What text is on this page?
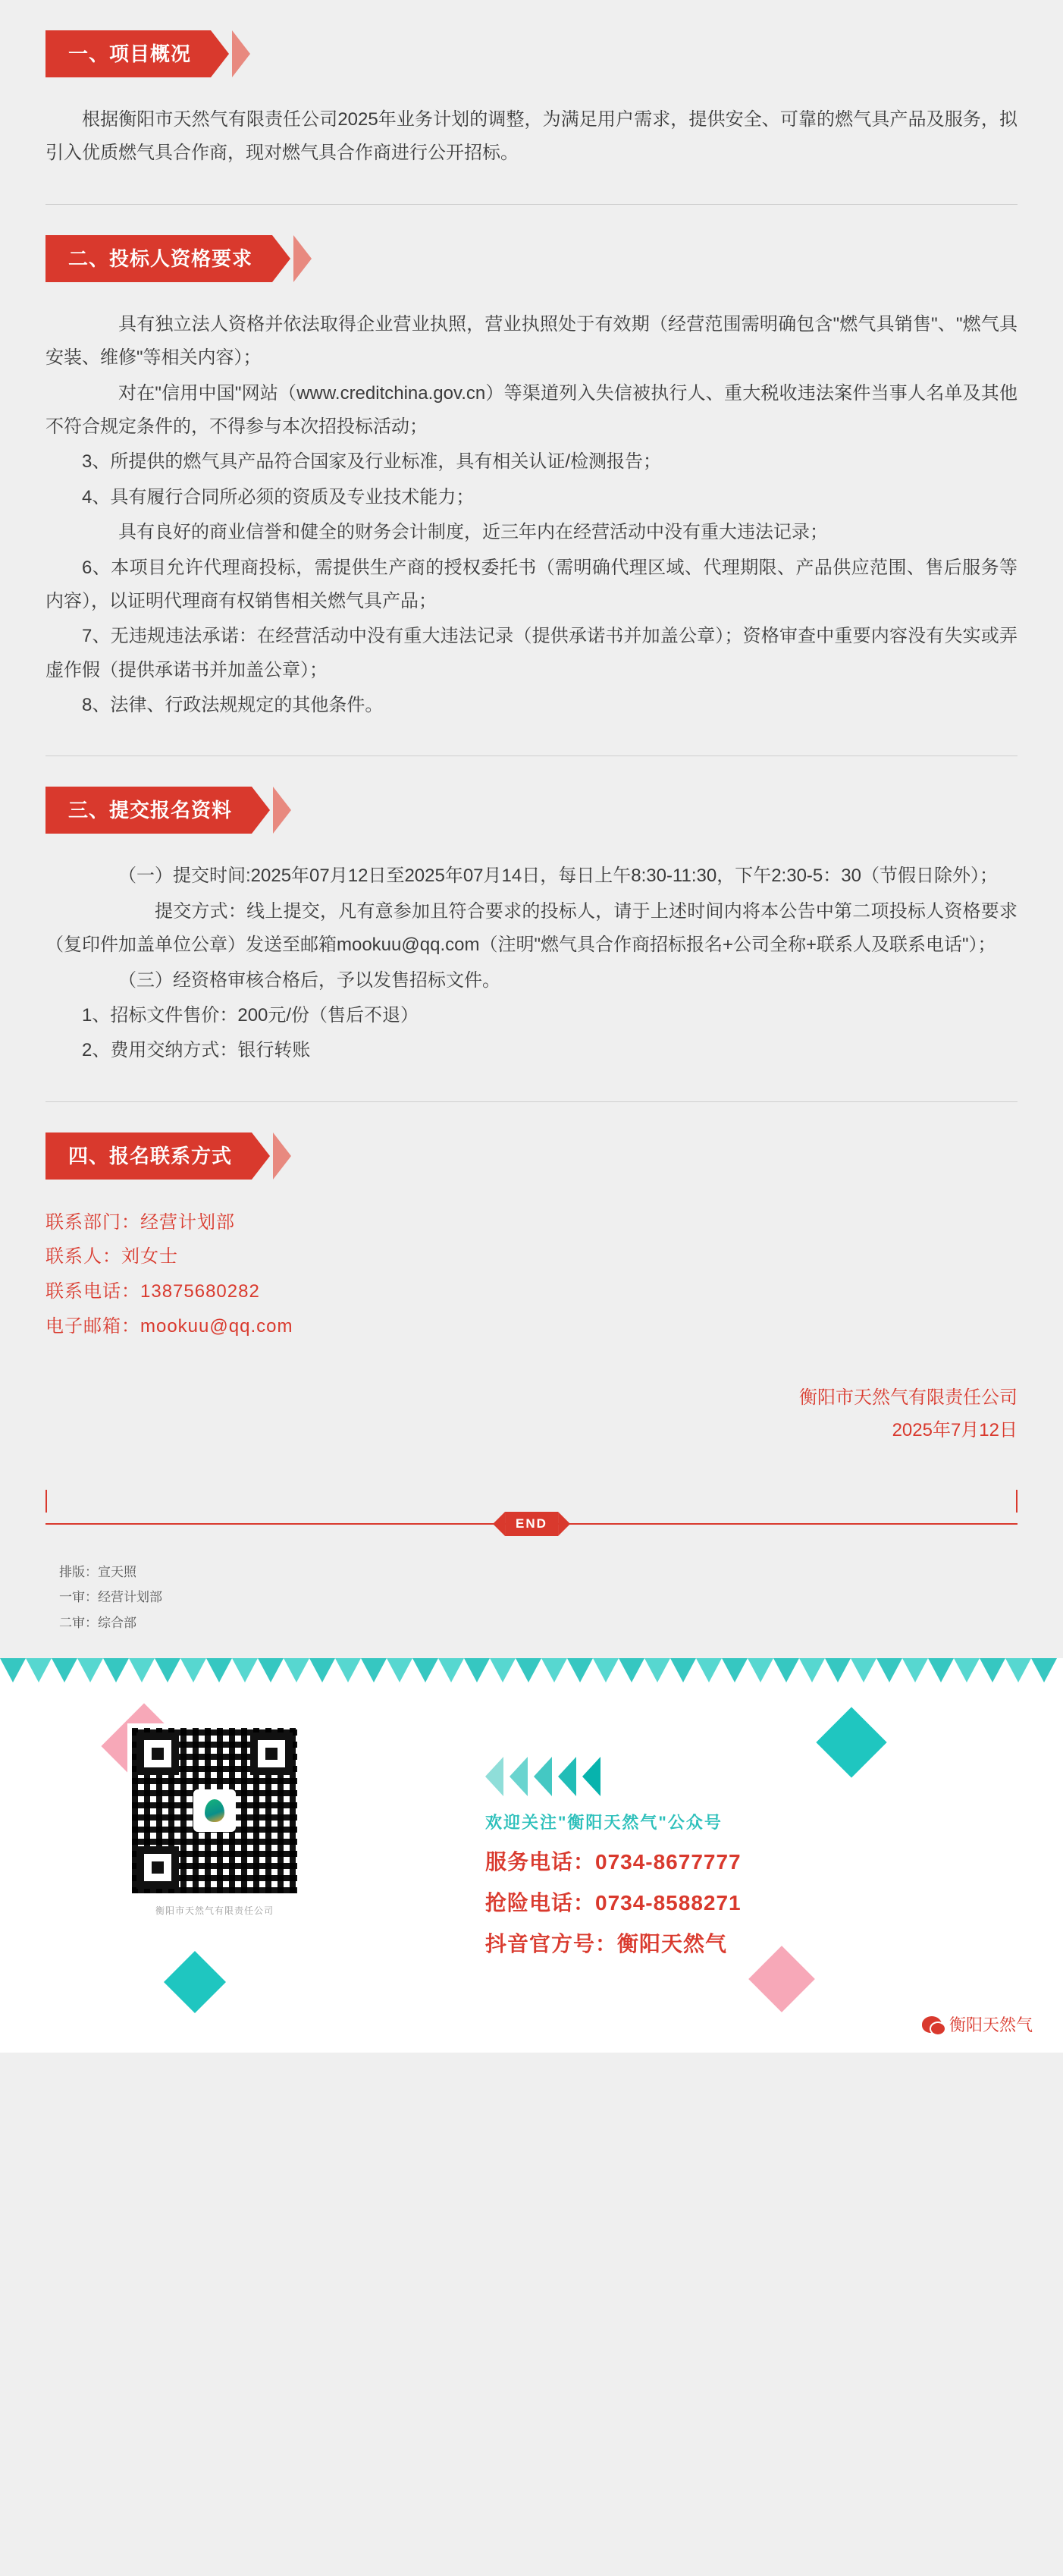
一、项目概况

根据衡阳市天然气有限责任公司2025年业务计划的调整，为满足用户需求，提供安全、可靠的燃气具产品及服务，拟引入优质燃气具合作商，现对燃气具合作商进行公开招标。

二、投标人资格要求

具有独立法人资格并依法取得企业营业执照，营业执照处于有效期（经营范围需明确包含"燃气具销售"、"燃气具安装、维修"等相关内容）；

对在"信用中国"网站（www.creditchina.gov.cn）等渠道列入失信被执行人、重大税收违法案件当事人名单及其他不符合规定条件的，不得参与本次招投标活动；

3、所提供的燃气具产品符合国家及行业标准，具有相关认证/检测报告；

4、具有履行合同所必须的资质及专业技术能力；

具有良好的商业信誉和健全的财务会计制度，近三年内在经营活动中没有重大违法记录；

6、本项目允许代理商投标，需提供生产商的授权委托书（需明确代理区域、代理期限、产品供应范围、售后服务等内容），以证明代理商有权销售相关燃气具产品；

7、无违规违法承诺：在经营活动中没有重大违法记录（提供承诺书并加盖公章）；资格审查中重要内容没有失实或弄虚作假（提供承诺书并加盖公章）；

8、法律、行政法规规定的其他条件。

三、提交报名资料

（一）提交时间:2025年07月12日至2025年07月14日，每日上午8:30-11:30，下午2:30-5：30（节假日除外）；

提交方式：线上提交，凡有意参加且符合要求的投标人，请于上述时间内将本公告中第二项投标人资格要求（复印件加盖单位公章）发送至邮箱mookuu@qq.com（注明"燃气具合作商招标报名+公司全称+联系人及联系电话"）；

（三）经资格审核合格后，予以发售招标文件。

1、招标文件售价：200元/份（售后不退）

2、费用交纳方式：银行转账

四、报名联系方式

联系部门：经营计划部

联系人：刘女士

联系电话：13875680282

电子邮箱：mookuu@qq.com

衡阳市天然气有限责任公司
2025年7月12日
END

排版：宣天照

一审：经营计划部

二审：综合部

衡阳市天然气有限责任公司

欢迎关注"衡阳天然气"公众号

服务电话：0734-8677777

抢险电话：0734-8588271

抖音官方号：衡阳天然气

衡阳天然气
